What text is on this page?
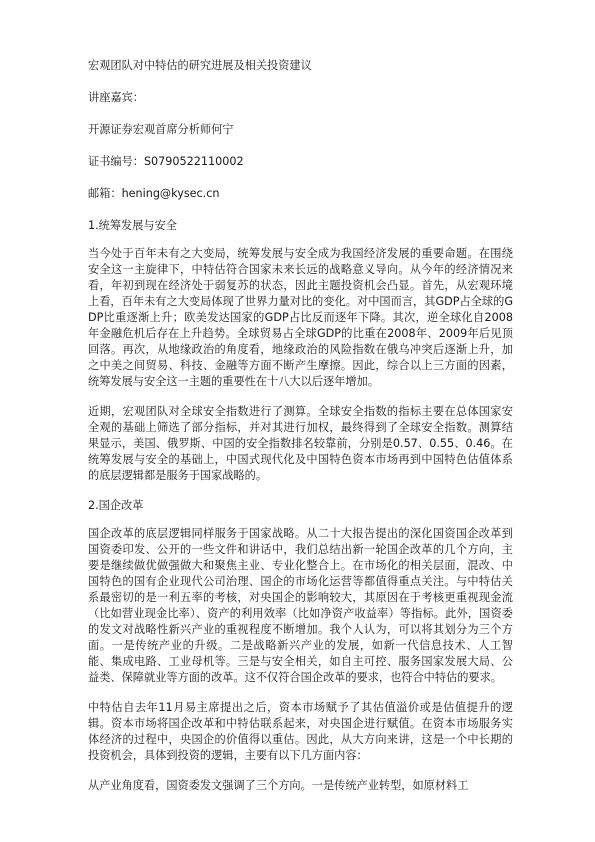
宏观团队对中特估的研究进展及相关投资建议

讲座嘉宾：

开源证券宏观首席分析师何宁

证书编号：S0790522110002

邮箱：hening@kysec.cn

1.统筹发展与安全

当今处于百年未有之大变局，统筹发展与安全成为我国经济发展的重要命题。在围绕安全这一主旋律下，中特估符合国家未来长远的战略意义导向。从今年的经济情况来看，年初到现在经济处于弱复苏的状态，因此主题投资机会凸显。首先，从宏观环境上看，百年未有之大变局体现了世界力量对比的变化。对中国而言，其GDP占全球的GDP比重逐渐上升；欧美发达国家的GDP占比反而逐年下降。其次，逆全球化自2008年金融危机后存在上升趋势。全球贸易占全球GDP的比重在2008年、2009年后见顶回落。再次，从地缘政治的角度看，地缘政治的风险指数在俄乌冲突后逐渐上升，加之中美之间贸易、科技、金融等方面不断产生摩擦。因此，综合以上三方面的因素，统筹发展与安全这一主题的重要性在十八大以后逐年增加。

近期，宏观团队对全球安全指数进行了测算。全球安全指数的指标主要在总体国家安全观的基础上筛选了部分指标，并对其进行加权，最终得到了全球安全指数。测算结果显示，美国、俄罗斯、中国的安全指数排名较靠前，分别是0.57、0.55、0.46。在统筹发展与安全的基础上，中国式现代化及中国特色资本市场再到中国特色估值体系的底层逻辑都是服务于国家战略的。

2.国企改革

国企改革的底层逻辑同样服务于国家战略。从二十大报告提出的深化国资国企改革到国资委印发、公开的一些文件和讲话中，我们总结出新一轮国企改革的几个方向，主要是继续做优做强做大和聚焦主业、专业化整合上。在市场化的相关层面，混改、中国特色的国有企业现代公司治理、国企的市场化运营等都值得重点关注。与中特估关系最密切的是一利五率的考核，对央国企的影响较大，其原因在于考核更重视现金流（比如营业现金比率）、资产的利用效率（比如净资产收益率）等指标。此外，国资委的发文对战略性新兴产业的重视程度不断增加。我个人认为，可以将其划分为三个方面。一是传统产业的升级。二是战略新兴产业的发展，如新一代信息技术、人工智能、集成电路、工业母机等。三是与安全相关，如自主可控、服务国家发展大局、公益类、保障就业等方面的改革。这不仅符合国企改革的要求，也符合中特估的要求。

中特估自去年11月易主席提出之后，资本市场赋予了其估值溢价或是估值提升的逻辑。资本市场将国企改革和中特估联系起来，对央国企进行赋值。在资本市场服务实体经济的过程中，央国企的价值得以重估。因此，从大方向来讲，这是一个中长期的投资机会，具体到投资的逻辑，主要有以下几方面内容：

从产业角度看，国资委发文强调了三个方向。一是传统产业转型，如原材料工
